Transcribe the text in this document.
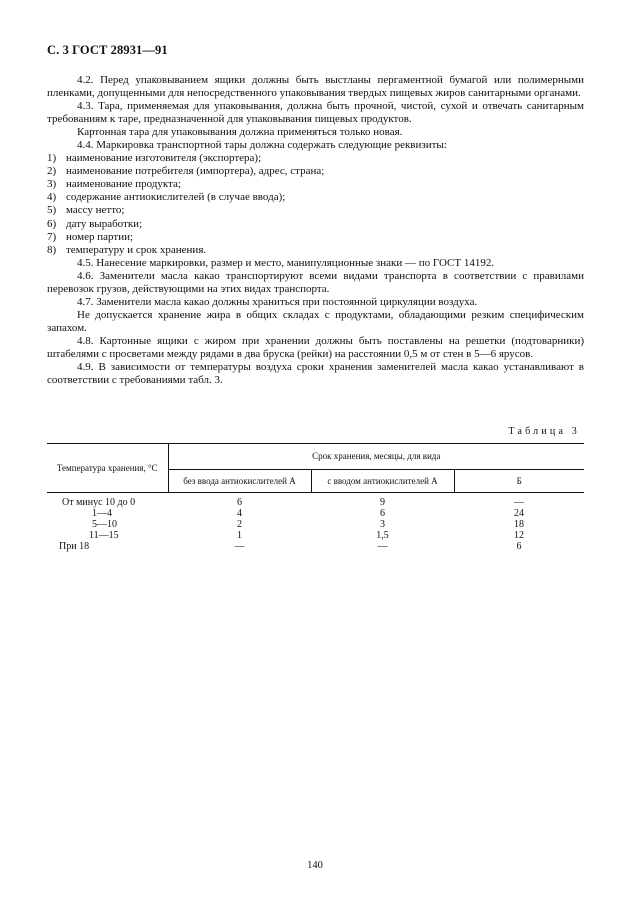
С. 3 ГОСТ 28931—91

4.2. Перед упаковыванием ящики должны быть выстланы пергаментной бумагой или полимерными пленками, допущенными для непосредственного упаковывания твердых пищевых жиров санитарными органами.

4.3. Тара, применяемая для упаковывания, должна быть прочной, чистой, сухой и отвечать санитарным требованиям к таре, предназначенной для упаковывания пищевых продуктов.

Картонная тара для упаковывания должна применяться только новая.

4.4. Маркировка транспортной тары должна содержать следующие реквизиты:

1) наименование изготовителя (экспортера);

2) наименование потребителя (импортера), адрес, страна;

3) наименование продукта;

4) содержание антиокислителей (в случае ввода);

5) массу нетто;

6) дату выработки;

7) номер партии;

8) температуру и срок хранения.

4.5. Нанесение маркировки, размер и место, манипуляционные знаки — по ГОСТ 14192.

4.6. Заменители масла какао транспортируют всеми видами транспорта в соответствии с правилами перевозок грузов, действующими на этих видах транспорта.

4.7. Заменители масла какао должны храниться при постоянной циркуляции воздуха.

Не допускается хранение жира в общих складах с продуктами, обладающими резким специфическим запахом.

4.8. Картонные ящики с жиром при хранении должны быть поставлены на решетки (подтоварники) штабелями с просветами между рядами в два бруска (рейки) на расстоянии 0,5 м от стен в 5—6 ярусов.

4.9. В зависимости от температуры воздуха сроки хранения заменителей масла какао устанавливают в соответствии с требованиями табл. 3.

Таблица 3
Температура хранения, °С	Срок хранения, месяцы, для вида		
	без ввода антиокислителей А	с вводом антиокислителей А	Б
От минус 10 до 0	6	9	—
1—4	4	6	24
5—10	2	3	18
11—15	1	1,5	12
При 18	—	—	6
140
